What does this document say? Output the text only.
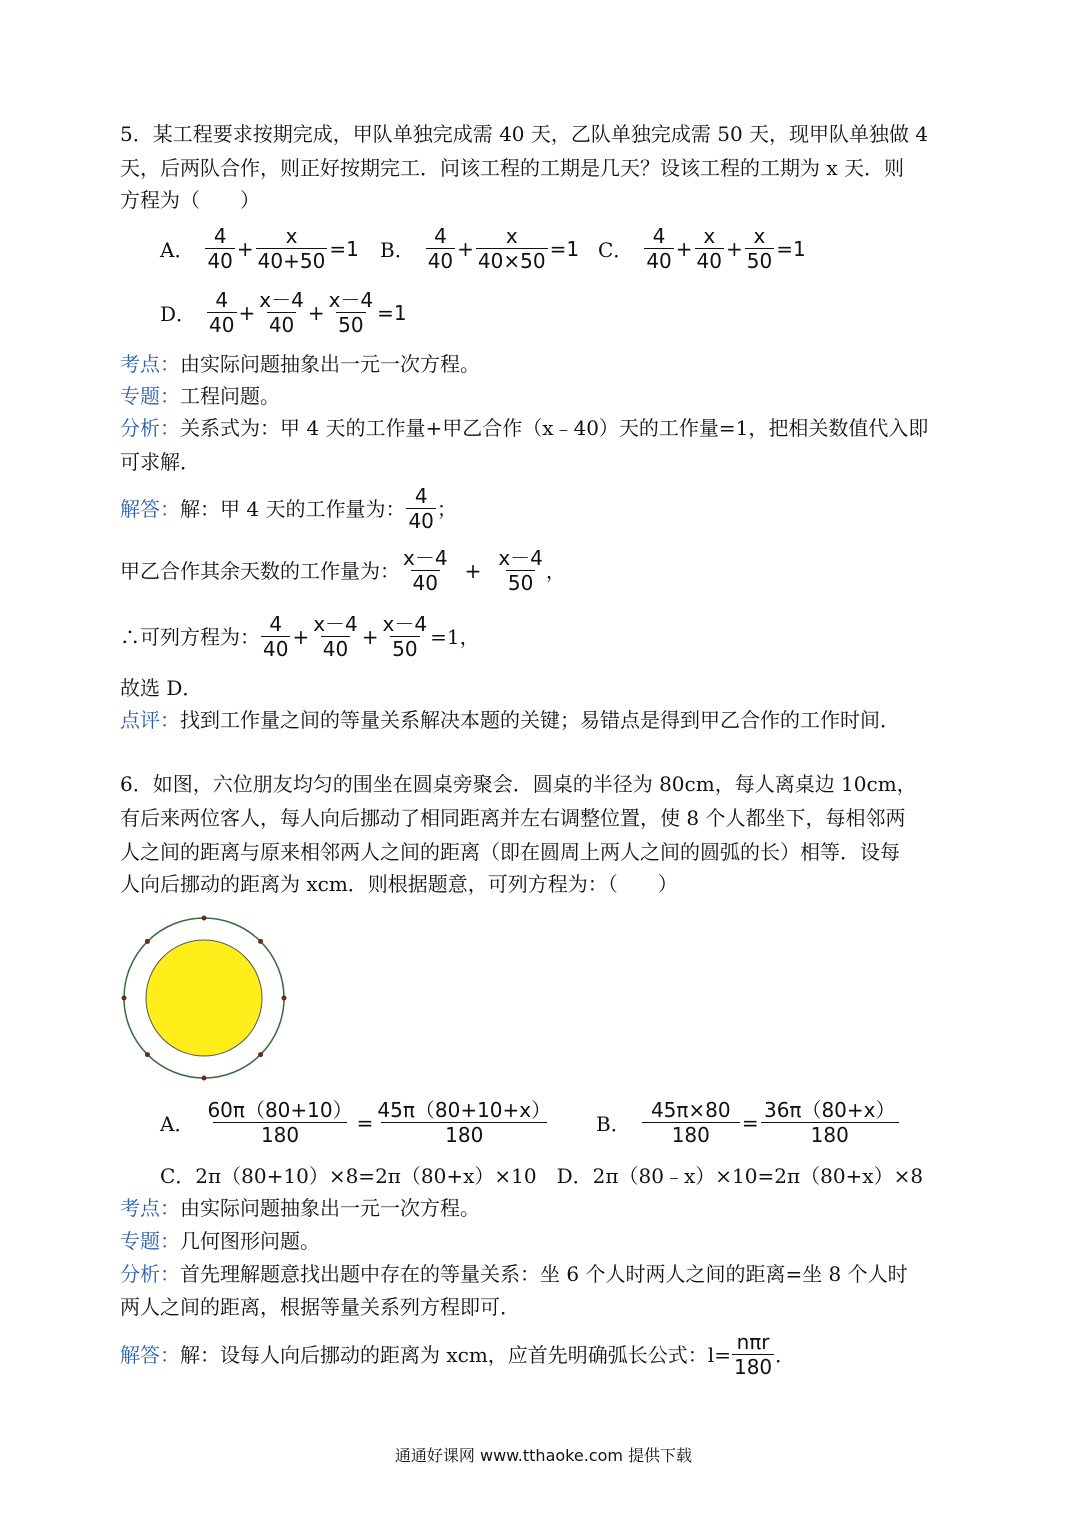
5．某工程要求按期完成，甲队单独完成需 40 天，乙队单独完成需 50 天，现甲队单独做 4
天，后两队合作，则正好按期完工．问该工程的工期是几天？设该工程的工期为 x 天．则
方程为（　　）
A． $\frac{4}{40} + \frac{x}{40+50} =1$ B． $\frac{4}{40} + \frac{x}{40\times 50} =1$ C． $\frac{4}{40} + \frac{x}{40} + \frac{x}{50} =1$
D． $\frac{4}{40} + \frac{x-4}{40} + \frac{x-4}{50} =1$
考点：由实际问题抽象出一元一次方程。
专题：工程问题。
分析：关系式为：甲 4 天的工作量+甲乙合作（x﹣40）天的工作量=1，把相关数值代入即
可求解．
解答： 解：甲 4 天的工作量为： $\frac{4}{40}$ ；
甲乙合作其余天数的工作量为： $\frac{x-4}{40} + \frac{x-4}{50}$ ，
∴可列方程为： $\frac{4}{40} + \frac{x-4}{40} + \frac{x-4}{50} =1$，
故选 D．
点评：找到工作量之间的等量关系解决本题的关键；易错点是得到甲乙合作的工作时间．
6．如图，六位朋友均匀的围坐在圆桌旁聚会．圆桌的半径为 80cm，每人离桌边 10cm，
有后来两位客人，每人向后挪动了相同距离并左右调整位置，使 8 个人都坐下，每相邻两
人之间的距离与原来相邻两人之间的距离（即在圆周上两人之间的圆弧的长）相等．设每
人向后挪动的距离为 xcm．则根据题意，可列方程为：（　　）
A． $\frac{60\pi(80+10)}{180} = \frac{45\pi(80+10+x)}{180}$ B． $\frac{45\pi\times 80}{180} = \frac{36\pi(80+x)}{180}$
C．2π（80+10）×8=2π（80+x）×10　D．2π（80﹣x）×10=2π（80+x）×8
考点：由实际问题抽象出一元一次方程。
专题：几何图形问题。
分析：首先理解题意找出题中存在的等量关系：坐 6 个人时两人之间的距离=坐 8 个人时
两人之间的距离，根据等量关系列方程即可．
解答： 解：设每人向后挪动的距离为 xcm，应首先明确弧长公式：$l= \frac{\text{nπr}}{180}$ ．
通通好课网 www.tthaoke.com 提供下载
